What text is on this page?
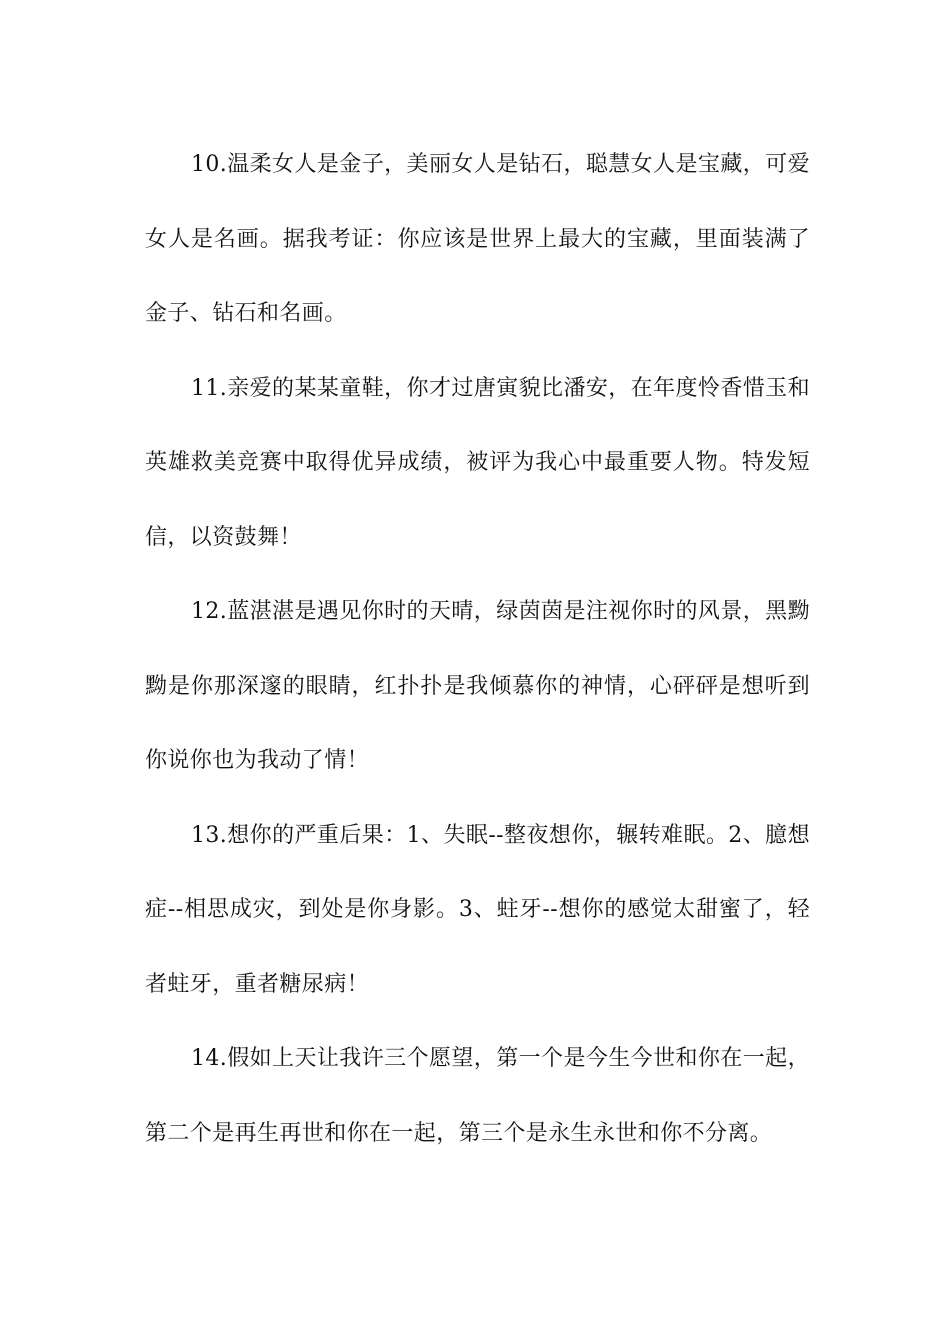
10.温柔女人是金子，美丽女人是钻石，聪慧女人是宝藏，可爱女人是名画。据我考证：你应该是世界上最大的宝藏，里面装满了金子、钻石和名画。

11.亲爱的某某童鞋，你才过唐寅貌比潘安，在年度怜香惜玉和英雄救美竞赛中取得优异成绩，被评为我心中最重要人物。特发短信，以资鼓舞！

12.蓝湛湛是遇见你时的天晴，绿茵茵是注视你时的风景，黑黝黝是你那深邃的眼睛，红扑扑是我倾慕你的神情，心砰砰是想听到你说你也为我动了情！

13.想你的严重后果：1、失眠--整夜想你，辗转难眠。2、臆想症--相思成灾，到处是你身影。3、蛀牙--想你的感觉太甜蜜了，轻者蛀牙，重者糖尿病！

14.假如上天让我许三个愿望，第一个是今生今世和你在一起，第二个是再生再世和你在一起，第三个是永生永世和你不分离。
